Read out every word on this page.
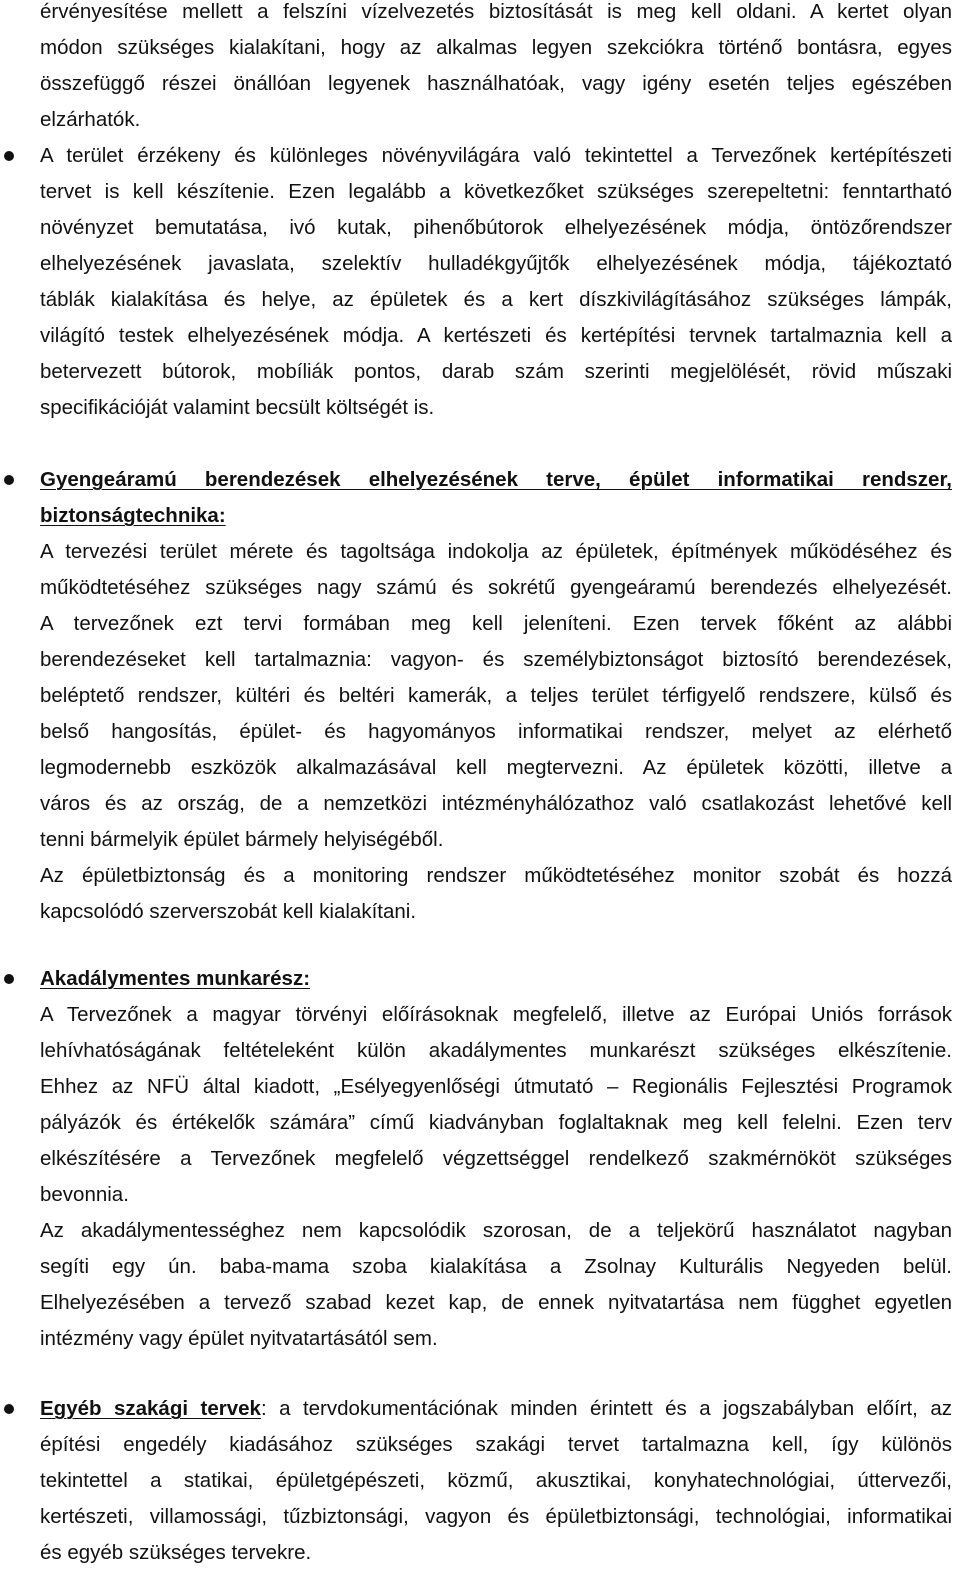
érvényesítése mellett a felszíni vízelvezetés biztosítását is meg kell oldani. A kertet olyan
módon szükséges kialakítani, hogy az alkalmas legyen szekciókra történő bontásra, egyes
összefüggő részei önállóan legyenek használhatóak, vagy igény esetén teljes egészében
elzárhatók.
A terület érzékeny és különleges növényvilágára való tekintettel a Tervezőnek kertépítészeti
tervet is kell készítenie. Ezen legalább a következőket szükséges szerepeltetni: fenntartható
növényzet bemutatása, ivó kutak, pihenőbútorok elhelyezésének módja, öntözőrendszer
elhelyezésének javaslata, szelektív hulladékgyűjtők elhelyezésének módja, tájékoztató
táblák kialakítása és helye, az épületek és a kert díszkivilágításához szükséges lámpák,
világító testek elhelyezésének módja. A kertészeti és kertépítési tervnek tartalmaznia kell a
betervezett bútorok, mobíliák pontos, darab szám szerinti megjelölését, rövid műszaki
specifikációját valamint becsült költségét is.
Gyengeáramú berendezések elhelyezésének terve, épület informatikai rendszer,
biztonságtechnika:
A tervezési terület mérete és tagoltsága indokolja az épületek, építmények működéséhez és
működtetéséhez szükséges nagy számú és sokrétű gyengeáramú berendezés elhelyezését.
A tervezőnek ezt tervi formában meg kell jeleníteni. Ezen tervek főként az alábbi
berendezéseket kell tartalmaznia: vagyon- és személybiztonságot biztosító berendezések,
beléptető rendszer, kültéri és beltéri kamerák, a teljes terület térfigyelő rendszere, külső és
belső hangosítás, épület- és hagyományos informatikai rendszer, melyet az elérhető
legmodernebb eszközök alkalmazásával kell megtervezni. Az épületek közötti, illetve a
város és az ország, de a nemzetközi intézményhálózathoz való csatlakozást lehetővé kell
tenni bármelyik épület bármely helyiségéből.
Az épületbiztonság és a monitoring rendszer működtetéséhez monitor szobát és hozzá
kapcsolódó szerverszobát kell kialakítani.
Akadálymentes munkarész:
A Tervezőnek a magyar törvényi előírásoknak megfelelő, illetve az Európai Uniós források
lehívhatóságának feltételeként külön akadálymentes munkarészt szükséges elkészítenie.
Ehhez az NFÜ által kiadott, „Esélyegyenlőségi útmutató – Regionális Fejlesztési Programok
pályázók és értékelők számára” című kiadványban foglaltaknak meg kell felelni. Ezen terv
elkészítésére a Tervezőnek megfelelő végzettséggel rendelkező szakmérnököt szükséges
bevonnia.
Az akadálymentességhez nem kapcsolódik szorosan, de a teljekörű használatot nagyban
segíti egy ún. baba-mama szoba kialakítása a Zsolnay Kulturális Negyeden belül.
Elhelyezésében a tervező szabad kezet kap, de ennek nyitvatartása nem függhet egyetlen
intézmény vagy épület nyitvatartásától sem.
Egyéb szakági tervek: a tervdokumentációnak minden érintett és a jogszabályban előírt, az
építési engedély kiadásához szükséges szakági tervet tartalmazna kell, így különös
tekintettel a statikai, épületgépészeti, közmű, akusztikai, konyhatechnológiai, úttervezői,
kertészeti, villamossági, tűzbiztonsági, vagyon és épületbiztonsági, technológiai, informatikai
és egyéb szükséges tervekre.
